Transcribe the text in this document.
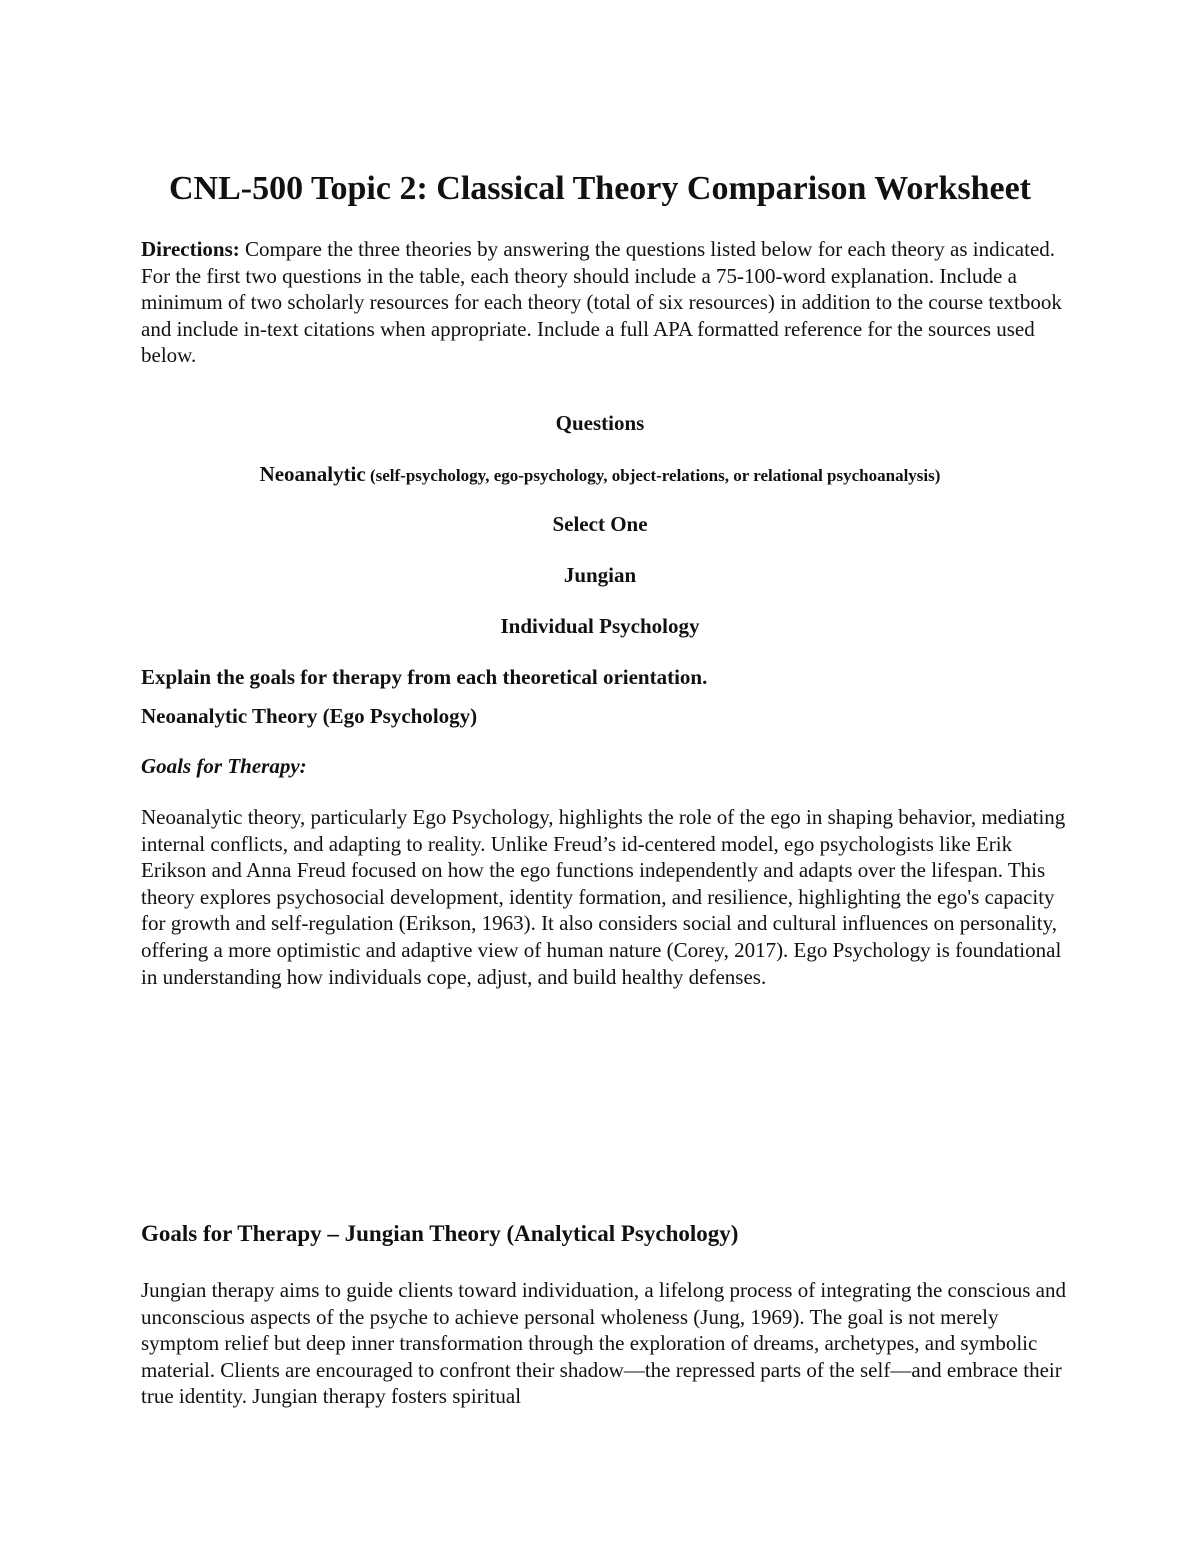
CNL-500 Topic 2: Classical Theory Comparison Worksheet

Directions: Compare the three theories by answering the questions listed below for each theory as indicated. For the first two questions in the table, each theory should include a 75-100-word explanation. Include a minimum of two scholarly resources for each theory (total of six resources) in addition to the course textbook and include in-text citations when appropriate. Include a full APA formatted reference for the sources used below.

Questions

Neoanalytic (self-psychology, ego-psychology, object-relations, or relational psychoanalysis)

Select One

Jungian

Individual Psychology

Explain the goals for therapy from each theoretical orientation.

Neoanalytic Theory (Ego Psychology)

Goals for Therapy:

Neoanalytic theory, particularly Ego Psychology, highlights the role of the ego in shaping behavior, mediating internal conflicts, and adapting to reality. Unlike Freud’s id-centered model, ego psychologists like Erik Erikson and Anna Freud focused on how the ego functions independently and adapts over the lifespan. This theory explores psychosocial development, identity formation, and resilience, highlighting the ego's capacity for growth and self-regulation (Erikson, 1963). It also considers social and cultural influences on personality, offering a more optimistic and adaptive view of human nature (Corey, 2017). Ego Psychology is foundational in understanding how individuals cope, adjust, and build healthy defenses.

Goals for Therapy – Jungian Theory (Analytical Psychology)

Jungian therapy aims to guide clients toward individuation, a lifelong process of integrating the conscious and unconscious aspects of the psyche to achieve personal wholeness (Jung, 1969). The goal is not merely symptom relief but deep inner transformation through the exploration of dreams, archetypes, and symbolic material. Clients are encouraged to confront their shadow—the repressed parts of the self—and embrace their true identity. Jungian therapy fosters spiritual
